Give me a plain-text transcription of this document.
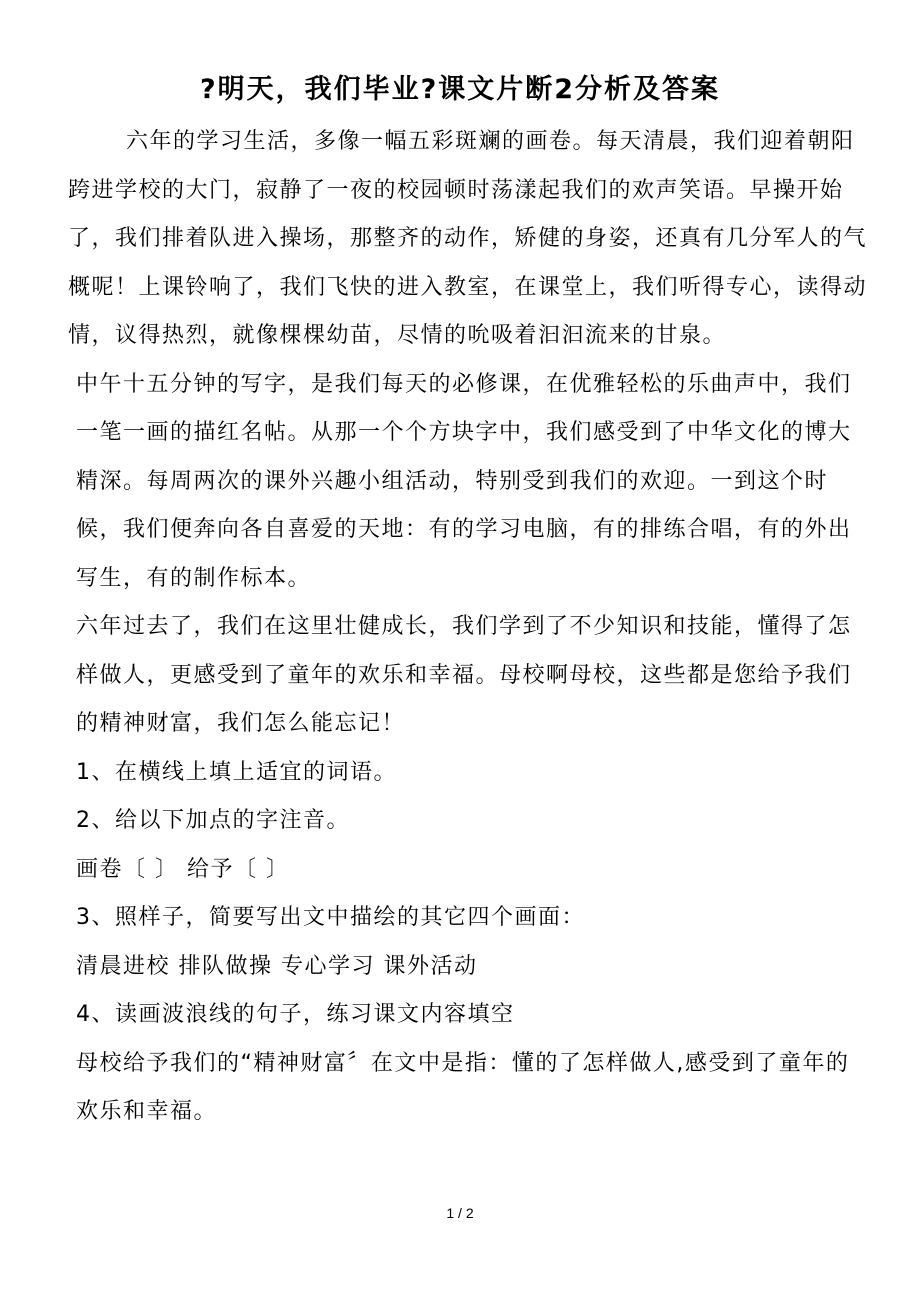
?明天，我们毕业?课文片断2分析及答案

六年的学习生活，多像一幅五彩斑斓的画卷。每天清晨，我们迎着朝阳跨进学校的大门，寂静了一夜的校园顿时荡漾起我们的欢声笑语。早操开始了，我们排着队进入操场，那整齐的动作，矫健的身姿，还真有几分军人的气概呢！上课铃响了，我们飞快的进入教室，在课堂上，我们听得专心，读得动情，议得热烈，就像棵棵幼苗，尽情的吮吸着汩汩流来的甘泉。

中午十五分钟的写字，是我们每天的必修课，在优雅轻松的乐曲声中，我们一笔一画的描红名帖。从那一个个方块字中，我们感受到了中华文化的博大精深。每周两次的课外兴趣小组活动，特别受到我们的欢迎。一到这个时候，我们便奔向各自喜爱的天地：有的学习电脑，有的排练合唱，有的外出写生，有的制作标本。

六年过去了，我们在这里壮健成长，我们学到了不少知识和技能，懂得了怎样做人，更感受到了童年的欢乐和幸福。母校啊母校，这些都是您给予我们的精神财富，我们怎么能忘记！

1、在横线上填上适宜的词语。

2、给以下加点的字注音。

画卷〔 〕 给予〔 〕

3、照样子，简要写出文中描绘的其它四个画面：

清晨进校 排队做操 专心学习 课外活动

4、读画波浪线的句子，练习课文内容填空

母校给予我们的“精神财富〞在文中是指：懂的了怎样做人,感受到了童年的欢乐和幸福。

1 / 2
